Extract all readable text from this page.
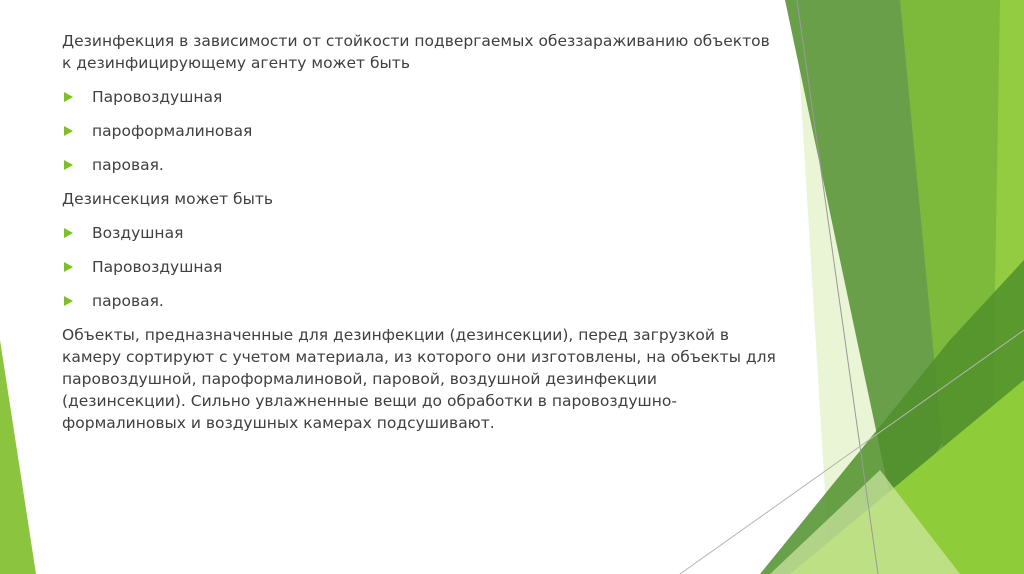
Дезинфекция в зависимости от стойкости подвергаемых обеззараживанию объектов к дезинфицирующему агенту может быть

Паровоздушная
пароформалиновая
паровая.

Дезинсекция может быть

Воздушная
Паровоздушная
паровая.

Объекты, предназначенные для дезинфекции (дезинсекции), перед загрузкой в камеру сортируют с учетом материала, из которого они изготовлены, на объекты для паровоздушной, пароформалиновой, паровой, воздушной дезинфекции (дезинсекции). Сильно увлажненные вещи до обработки в паровоздушно-формалиновых и воздушных камерах подсушивают.
